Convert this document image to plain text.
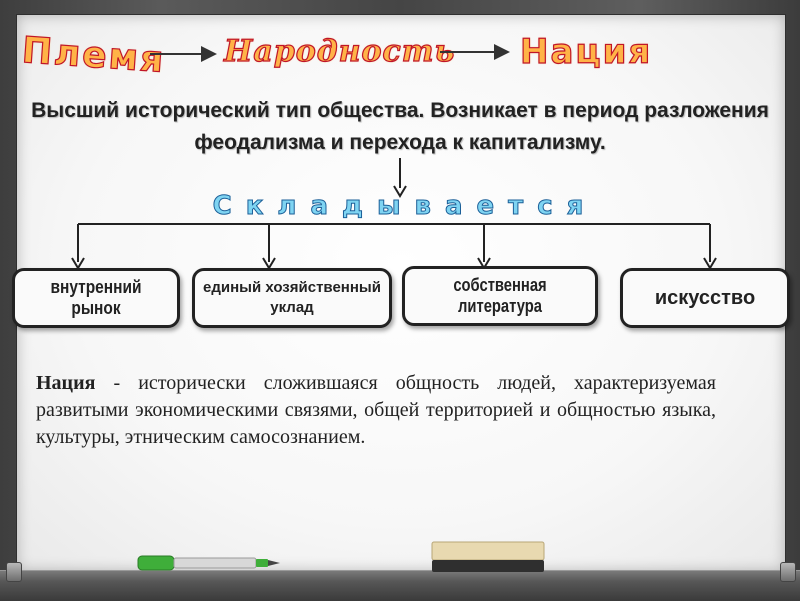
Племя Народность Нация
Высший исторический тип общества. Возникает в период разложения
феодализма и перехода к капитализму.
Складывается
внутренний рынок
единый хозяйственный
уклад
собственная литература	искусство
Нация - исторически сложившаяся общность людей, характеризуемая развитыми экономическими связями, общей территорией и общностью языка, культуры, этническим самосознанием.
